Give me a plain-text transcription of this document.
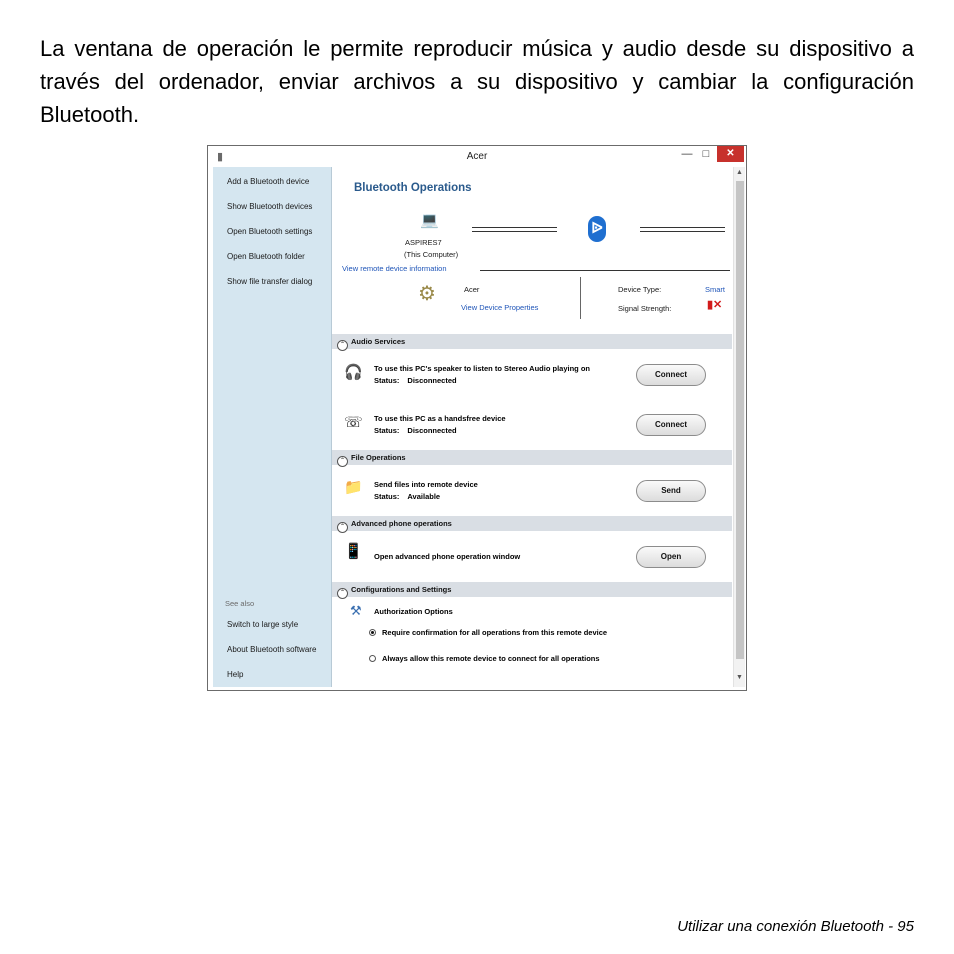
La ventana de operación le permite reproducir música y audio desde su dispositivo a través del ordenador, enviar archivos a su dispositivo y cambiar la configuración Bluetooth.

▮	Acer	— □	✕
Add a Bluetooth device
Show Bluetooth devices
Open Bluetooth settings
Open Bluetooth folder
Show file transfer dialog
See also
Switch to large style
About Bluetooth software
Help
Bluetooth Operations
💻
ASPIRES7
(This Computer)
ᐉ
View remote device information
⚙	Acer
View Device Properties
Device Type:	Smart
Signal Strength:	▮✕
⌃ Audio Services
🎧 To use this PC's speaker to listen to Stereo Audio playing on
Status: Disconnected
Connect
☏ To use this PC as a handsfree device
Status: Disconnected
Connect
⌃ File Operations
📁 Send files into remote device
Status: Available
Send
⌃ Advanced phone operations
📱 Open advanced phone operation window	Open
⌃ Configurations and Settings
⚒ Authorization Options
Require confirmation for all operations from this remote device
Always allow this remote device to connect for all operations
▲
▼

Utilizar una conexión Bluetooth - 95
